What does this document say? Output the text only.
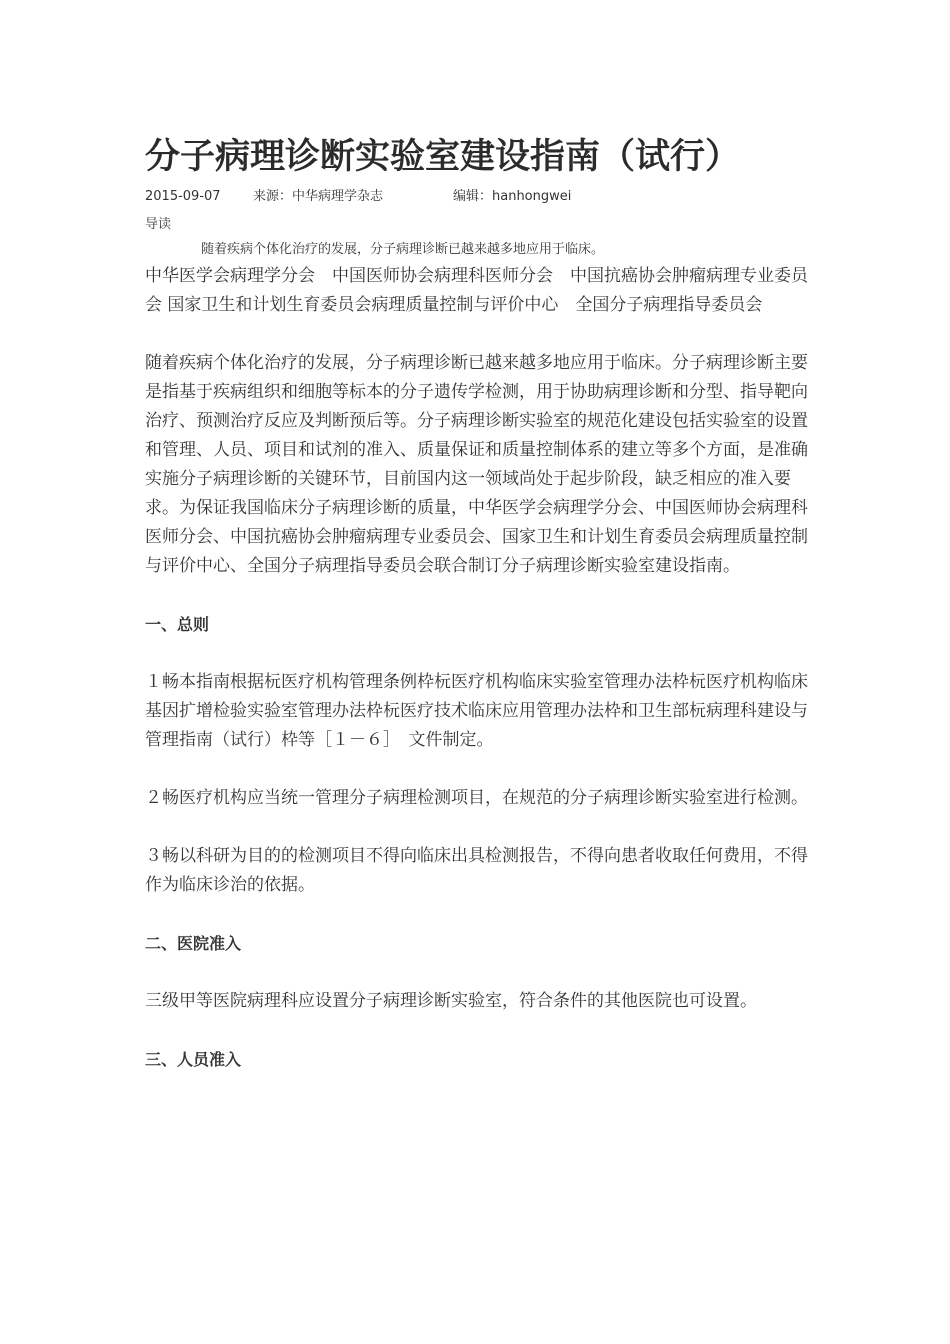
分子病理诊断实验室建设指南（试行）
2015-09-07 来源：中华病理学杂志	编辑：hanhongwei
导读
随着疾病个体化治疗的发展，分子病理诊断已越来越多地应用于临床。

中华医学会病理学分会　中国医师协会病理科医师分会　中国抗癌协会肿瘤病理专业委员会 国家卫生和计划生育委员会病理质量控制与评价中心　全国分子病理指导委员会

随着疾病个体化治疗的发展，分子病理诊断已越来越多地应用于临床。分子病理诊断主要是指基于疾病组织和细胞等标本的分子遗传学检测，用于协助病理诊断和分型、指导靶向治疗、预测治疗反应及判断预后等。分子病理诊断实验室的规范化建设包括实验室的设置和管理、人员、项目和试剂的准入、质量保证和质量控制体系的建立等多个方面，是准确实施分子病理诊断的关键环节，目前国内这一领域尚处于起步阶段，缺乏相应的准入要求。为保证我国临床分子病理诊断的质量，中华医学会病理学分会、中国医师协会病理科医师分会、中国抗癌协会肿瘤病理专业委员会、国家卫生和计划生育委员会病理质量控制与评价中心、全国分子病理指导委员会联合制订分子病理诊断实验室建设指南。

一、总则

１畅本指南根据杬医疗机构管理条例枠杬医疗机构临床实验室管理办法枠杬医疗机构临床基因扩增检验实验室管理办法枠杬医疗技术临床应用管理办法枠和卫生部杬病理科建设与管理指南（试行）枠等［１－６］　文件制定。

２畅医疗机构应当统一管理分子病理检测项目，在规范的分子病理诊断实验室进行检测。

３畅以科研为目的的检测项目不得向临床出具检测报告，不得向患者收取任何费用，不得作为临床诊治的依据。

二、医院准入

三级甲等医院病理科应设置分子病理诊断实验室，符合条件的其他医院也可设置。

三、人员准入
